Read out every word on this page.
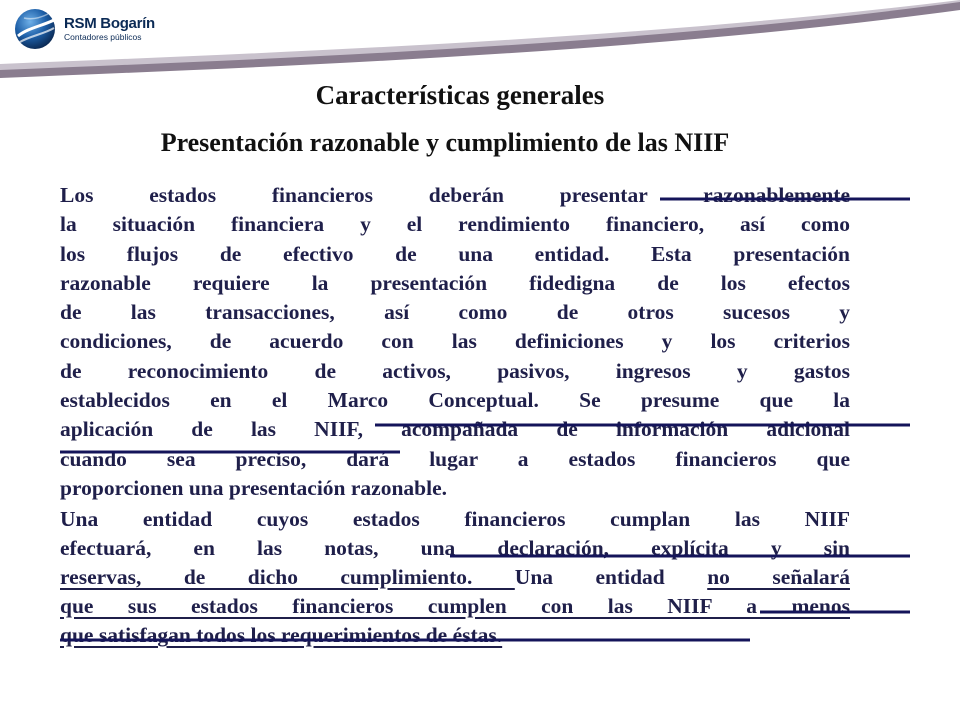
RSM Bogarín
Contadores públicos
Características generales
Presentación razonable y cumplimiento de las NIIF
Los estados financieros deberán presentar razonablemente
la situación financiera y el rendimiento financiero, así como
los flujos de efectivo de una entidad. Esta presentación
razonable requiere la presentación fidedigna de los efectos
de las transacciones, así como de otros sucesos y
condiciones, de acuerdo con las definiciones y los criterios
de reconocimiento de activos, pasivos, ingresos y gastos
establecidos en el Marco Conceptual. Se presume que la
aplicación de las NIIF, acompañada de información adicional
cuando sea preciso, dará lugar a estados financieros que
proporcionen una presentación razonable.
Una entidad cuyos estados financieros cumplan las NIIF
efectuará, en las notas, una declaración, explícita y sin
reservas, de dicho cumplimiento. Una entidad no señalará
que sus estados financieros cumplen con las NIIF a menos
que satisfagan todos los requerimientos de éstas.
